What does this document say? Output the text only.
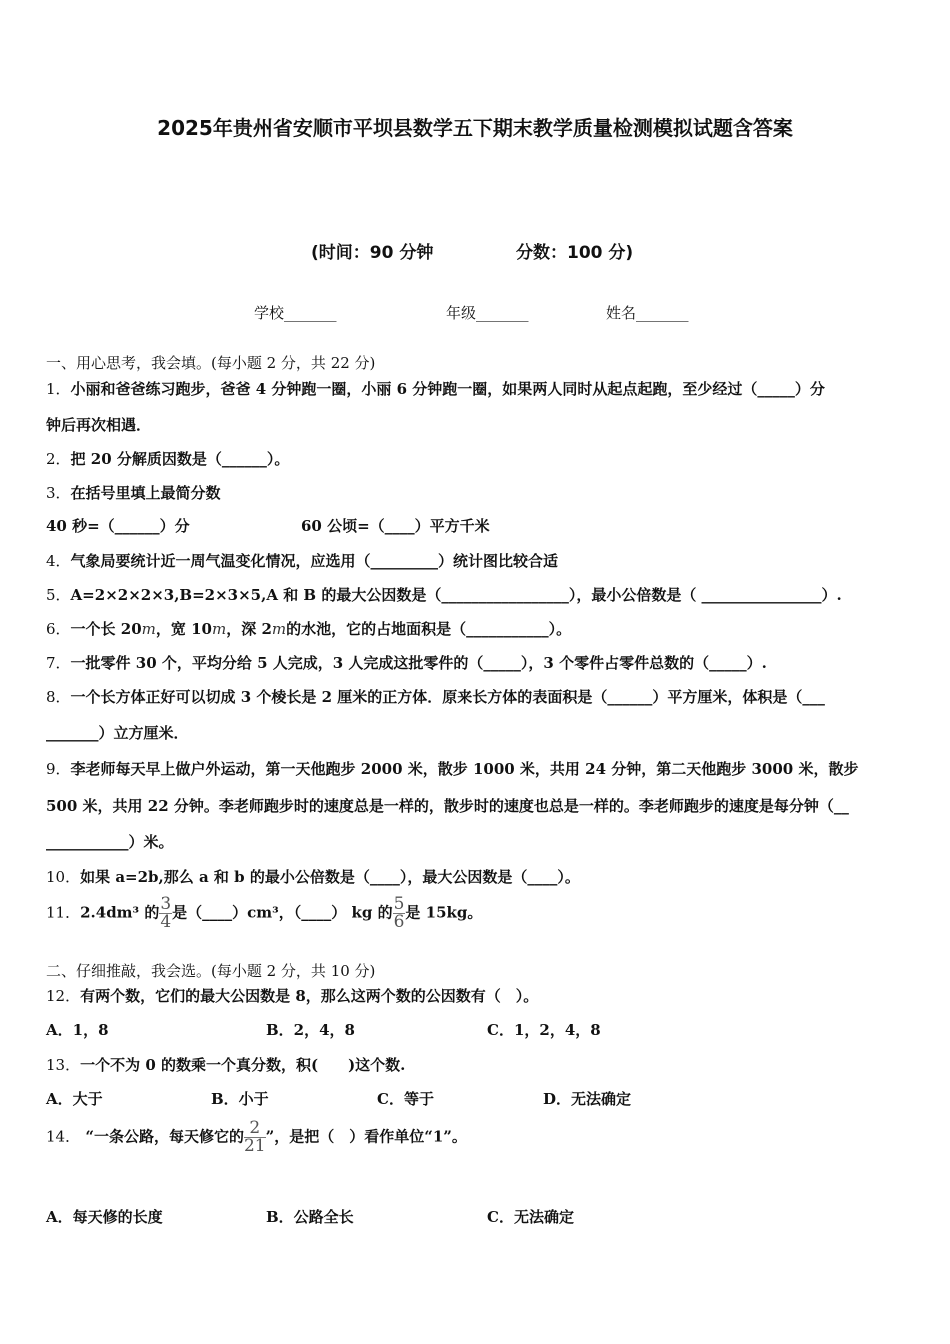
2025年贵州省安顺市平坝县数学五下期末教学质量检测模拟试题含答案
(时间：90 分钟	分数：100 分)
学校_______	年级_______	姓名_______
一、用心思考，我会填。(每小题 2 分，共 22 分)
1．小丽和爸爸练习跑步，爸爸 4 分钟跑一圈，小丽 6 分钟跑一圈，如果两人同时从起点起跑，至少经过（_____）分
钟后再次相遇．
2．把 20 分解质因数是（______）。
3．在括号里填上最简分数
40 秒=（______）分	60 公顷=（____）平方千米
4．气象局要统计近一周气温变化情况，应选用（_________）统计图比较合适
5．A=2×2×2×3,B=2×3×5,A 和 B 的最大公因数是（_________________），最小公倍数是（ ________________）.
6．一个长 20m，宽 10m，深 2m的水池，它的占地面积是（___________）。
7．一批零件 30 个，平均分给 5 人完成，3 人完成这批零件的（_____），3 个零件占零件总数的（_____）.
8．一个长方体正好可以切成 3 个棱长是 2 厘米的正方体．原来长方体的表面积是（______）平方厘米，体积是（___
_______）立方厘米．
9．李老师每天早上做户外运动，第一天他跑步 2000 米，散步 1000 米，共用 24 分钟，第二天他跑步 3000 米，散步
500 米，共用 22 分钟。李老师跑步时的速度总是一样的，散步时的速度也总是一样的。李老师跑步的速度是每分钟（__
___________）米。
10．如果 a=2b,那么 a 和 b 的最小公倍数是（____），最大公因数是（____）。
11．2.4dm³ 的 $\frac{3}{4}$ 是（____）cm³，（____） kg 的 $\frac{5}{6}$ 是 15kg。
二、仔细推敲，我会选。(每小题 2 分，共 10 分)
12．有两个数，它们的最大公因数是 8，那么这两个数的公因数有（　）。
A．1，8	B．2，4，8	C．1，2，4，8
13．一个不为 0 的数乘一个真分数，积(　　)这个数.
A．大于	B．小于	C．等于	D．无法确定
14． “一条公路，每天修它的 $\frac{2}{21}$ ”，是把（　）看作单位“1”。
A．每天修的长度	B．公路全长	C．无法确定
